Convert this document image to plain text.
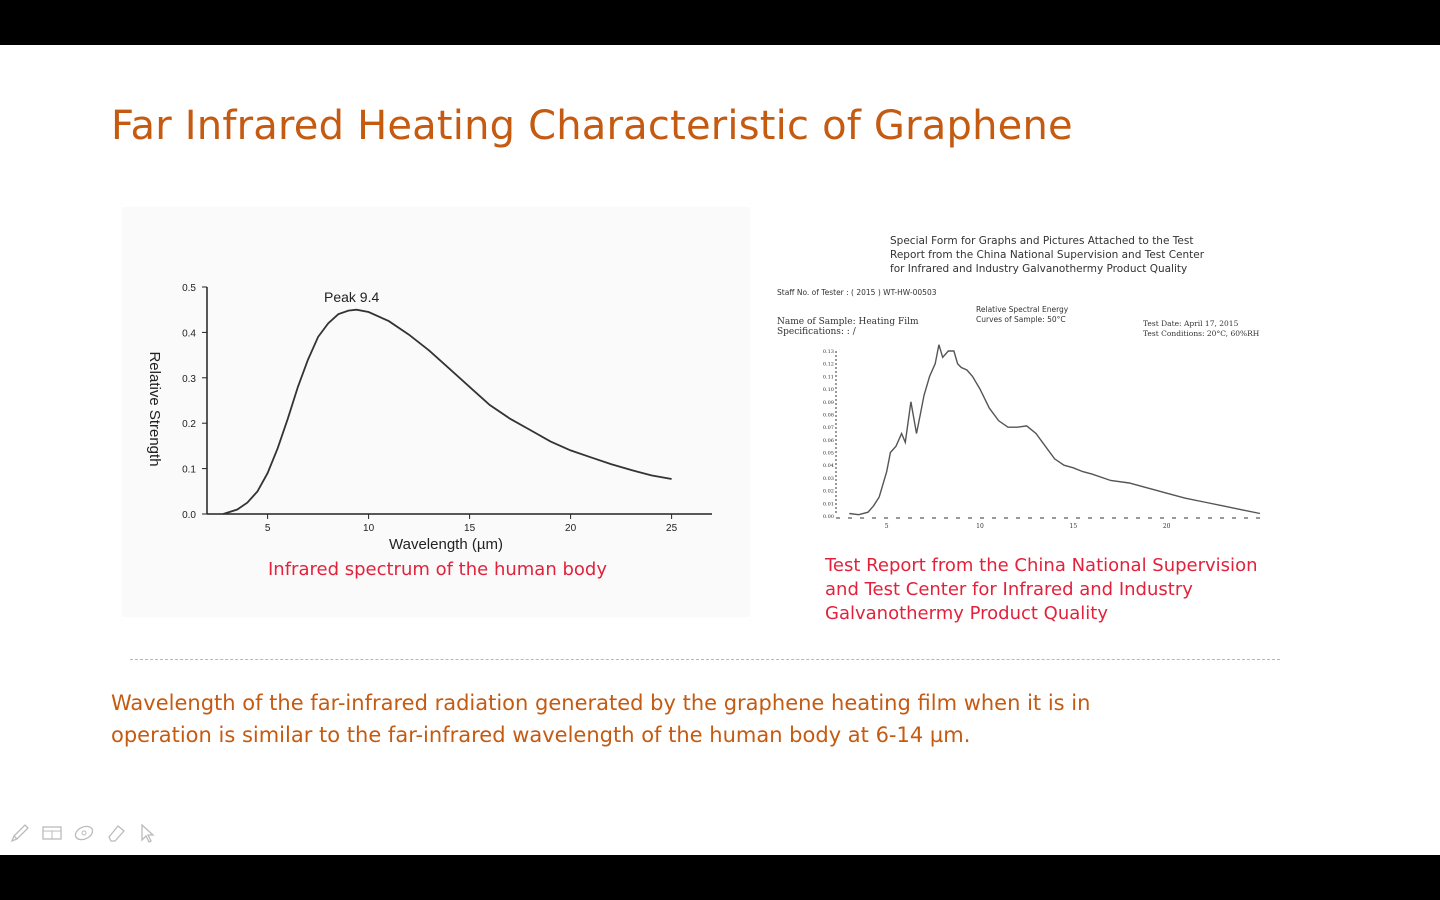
Far Infrared Heating Characteristic of Graphene
0.0
0.1
0.2
0.3
0.4
0.5
5	10	15	20	25
Peak 9.4
Wavelength (µm)
Relative Strength
Infrared spectrum of the human body
Special Form for Graphs and Pictures Attached to the Test
Report from the China National Supervision and Test Center
for Infrared and Industry Galvanothermy Product Quality
Staff No. of Tester : ( 2015 ) WT-HW-00503
Relative Spectral Energy
Curves of Sample: 50°C
Name of Sample: Heating Film
Specifications: : /
Test Date: April 17, 2015
Test Conditions: 20°C, 60%RH
0.00
0.01
0.02
0.03
0.04
0.05
0.06
0.07
0.08
0.09
0.10
0.11
0.12
0.13
5	10	15	20
Test Report from the China National Supervision
and Test Center for Infrared and Industry
Galvanothermy Product Quality
Wavelength of the far-infrared radiation generated by the graphene heating film when it is in
operation is similar to the far-infrared wavelength of the human body at 6-14 µm.
